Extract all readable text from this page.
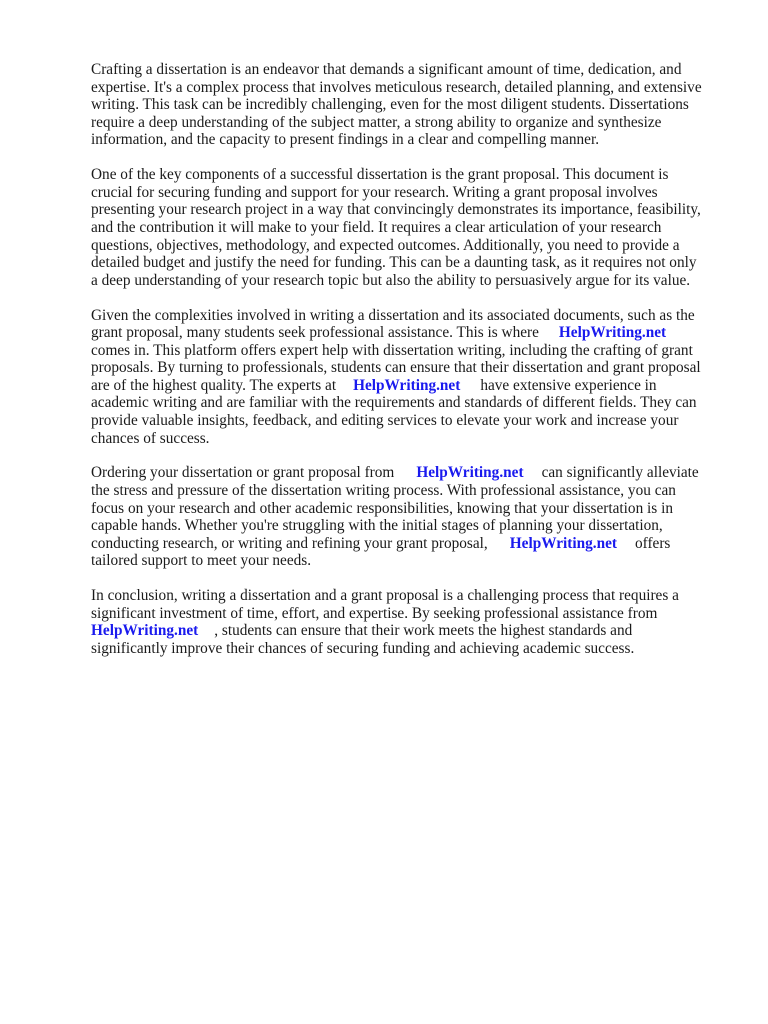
Crafting a dissertation is an endeavor that demands a significant amount of time, dedication, and
expertise. It's a complex process that involves meticulous research, detailed planning, and extensive
writing. This task can be incredibly challenging, even for the most diligent students. Dissertations
require a deep understanding of the subject matter, a strong ability to organize and synthesize
information, and the capacity to present findings in a clear and compelling manner.

One of the key components of a successful dissertation is the grant proposal. This document is
crucial for securing funding and support for your research. Writing a grant proposal involves
presenting your research project in a way that convincingly demonstrates its importance, feasibility,
and the contribution it will make to your field. It requires a clear articulation of your research
questions, objectives, methodology, and expected outcomes. Additionally, you need to provide a
detailed budget and justify the need for funding. This can be a daunting task, as it requires not only
a deep understanding of your research topic but also the ability to persuasively argue for its value.

Given the complexities involved in writing a dissertation and its associated documents, such as the
grant proposal, many students seek professional assistance. This is where HelpWriting.net
comes in. This platform offers expert help with dissertation writing, including the crafting of grant
proposals. By turning to professionals, students can ensure that their dissertation and grant proposal
are of the highest quality. The experts at HelpWriting.net have extensive experience in
academic writing and are familiar with the requirements and standards of different fields. They can
provide valuable insights, feedback, and editing services to elevate your work and increase your
chances of success.

Ordering your dissertation or grant proposal from HelpWriting.net can significantly alleviate
the stress and pressure of the dissertation writing process. With professional assistance, you can
focus on your research and other academic responsibilities, knowing that your dissertation is in
capable hands. Whether you're struggling with the initial stages of planning your dissertation,
conducting research, or writing and refining your grant proposal, HelpWriting.net offers
tailored support to meet your needs.

In conclusion, writing a dissertation and a grant proposal is a challenging process that requires a
significant investment of time, effort, and expertise. By seeking professional assistance from
HelpWriting.net , students can ensure that their work meets the highest standards and
significantly improve their chances of securing funding and achieving academic success.
